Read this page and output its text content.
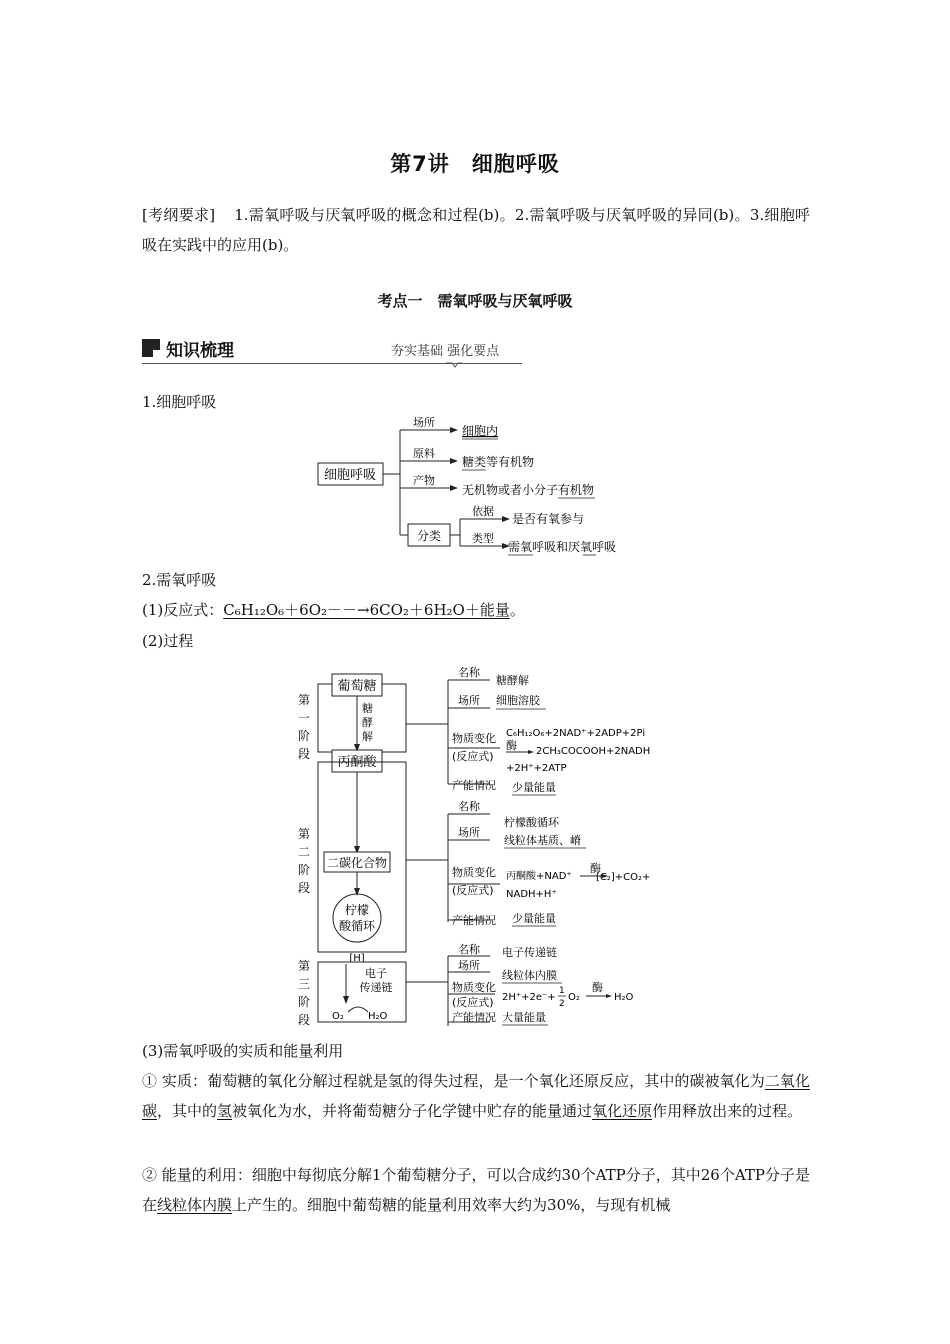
第7讲　细胞呼吸
[考纲要求] 1.需氧呼吸与厌氧呼吸的概念和过程(b)。2.需氧呼吸与厌氧呼吸的异同(b)。3.细胞呼吸在实践中的应用(b)。
考点一　需氧呼吸与厌氧呼吸
知识梳理	夯实基础 强化要点
1.细胞呼吸
细胞呼吸
场所
细胞内
原料
糖类等有机物
产物
无机物或者小分子有机物
分类
依据
是否有氧参与
类型
需氧呼吸和厌氧呼吸
2.需氧呼吸
(1)反应式：C₆H₁₂O₆＋6O₂－－→6CO₂＋6H₂O＋能量。
(2)过程
第
一
阶
段
第
二
阶
段
第
三
阶
段
葡萄糖
糖
酵
解
丙酮酸
二碳化合物
柠檬
酸循环
[H]
电子
传递链
O₂ H₂O
名称
糖酵解
场所 细胞溶胶
物质变化
(反应式)
C₆H₁₂O₆+2NAD⁺+2ADP+2Pi
酶 2CH₃COCOOH+2NADH
+2H⁺+2ATP
产能情况 少量能量
名称
柠檬酸循环
场所
线粒体基质、嵴
物质变化
(反应式)
丙酮酸+NAD⁺
酶
[C₂]+CO₂+
NADH+H⁺
产能情况 少量能量
名称 电子传递链
场所
线粒体内膜
物质变化
(反应式) 2H⁺+2e⁻+
1
2
O₂
酶
H₂O
产能情况 大量能量
(3)需氧呼吸的实质和能量利用
① 实质：葡萄糖的氧化分解过程就是氢的得失过程，是一个氧化还原反应，其中的碳被氧化为二氧化碳，其中的氢被氧化为水，并将葡萄糖分子化学键中贮存的能量通过氧化还原作用释放出来的过程。
② 能量的利用：细胞中每彻底分解1个葡萄糖分子，可以合成约30个ATP分子，其中26个ATP分子是在线粒体内膜上产生的。细胞中葡萄糖的能量利用效率大约为30%，与现有机械
